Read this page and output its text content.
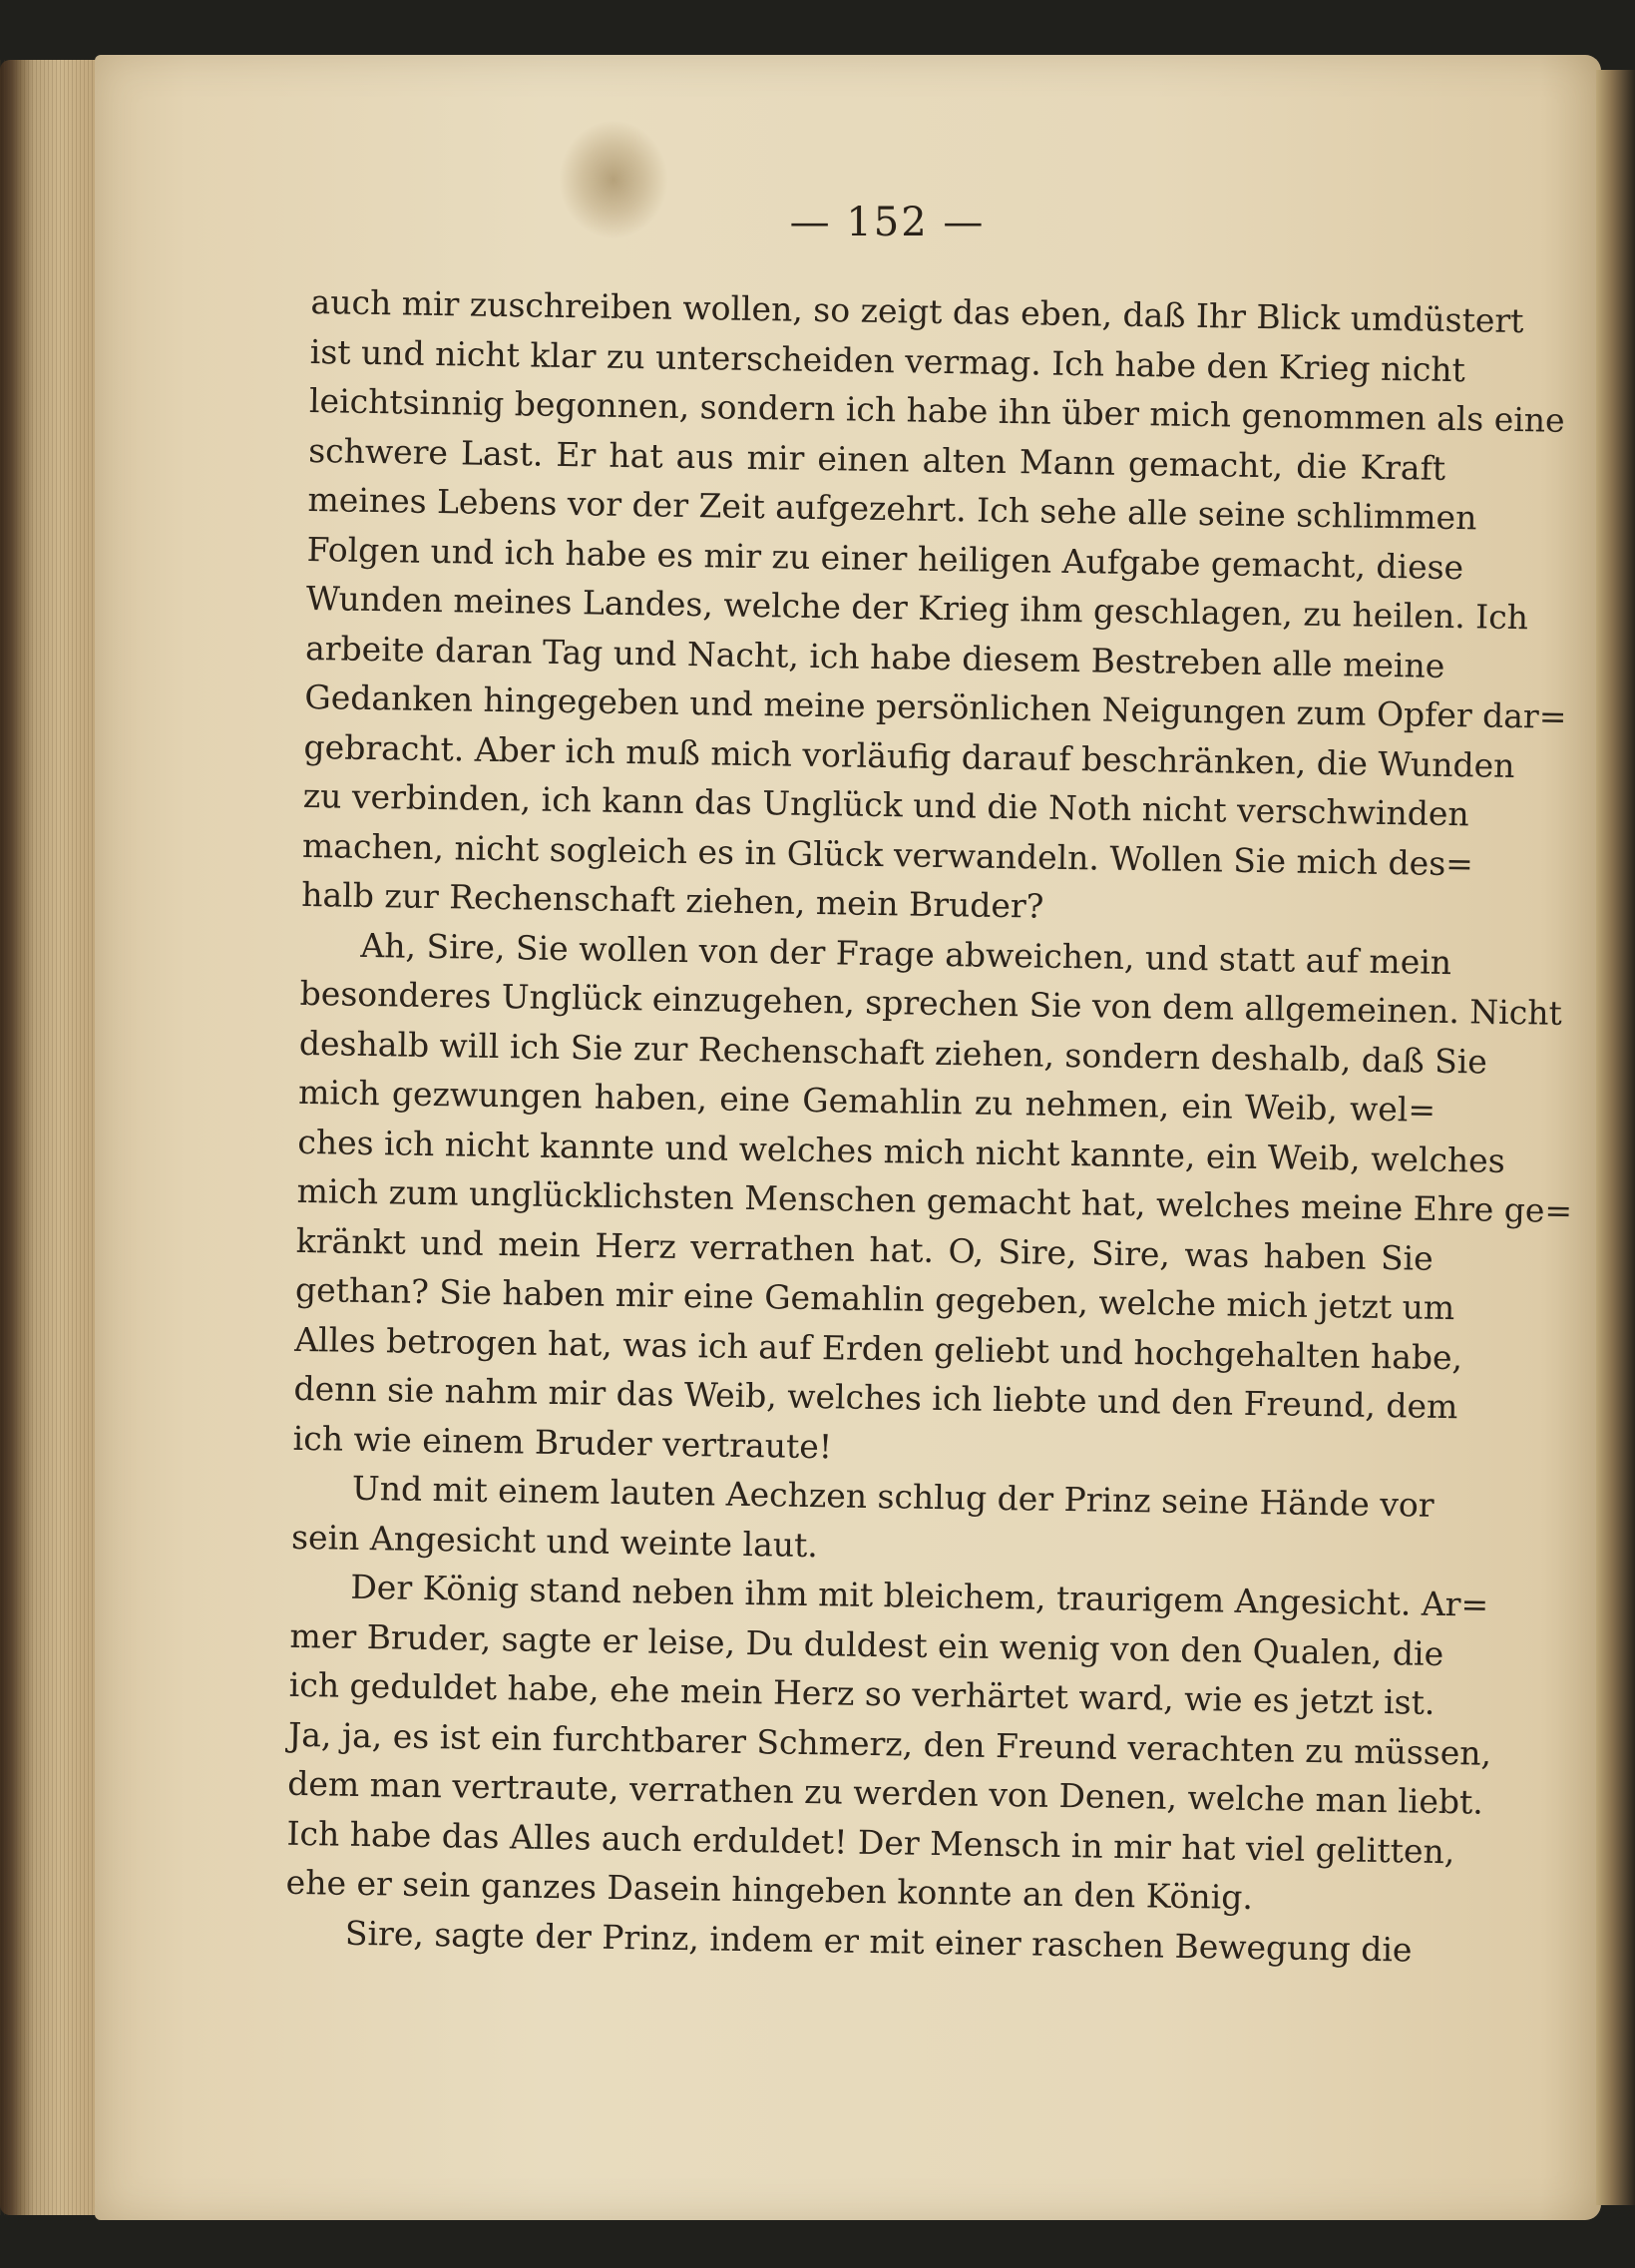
— 152 —

auch mir zuschreiben wollen, so zeigt das eben, daß Ihr Blick umdüstert
ist und nicht klar zu unterscheiden vermag. Ich habe den Krieg nicht
leichtsinnig begonnen, sondern ich habe ihn über mich genommen als eine
schwere Last. Er hat aus mir einen alten Mann gemacht, die Kraft
meines Lebens vor der Zeit aufgezehrt. Ich sehe alle seine schlimmen
Folgen und ich habe es mir zu einer heiligen Aufgabe gemacht, diese
Wunden meines Landes, welche der Krieg ihm geschlagen, zu heilen. Ich
arbeite daran Tag und Nacht, ich habe diesem Bestreben alle meine
Gedanken hingegeben und meine persönlichen Neigungen zum Opfer dar=
gebracht. Aber ich muß mich vorläufig darauf beschränken, die Wunden
zu verbinden, ich kann das Unglück und die Noth nicht verschwinden
machen, nicht sogleich es in Glück verwandeln. Wollen Sie mich des=
halb zur Rechenschaft ziehen, mein Bruder?

Ah, Sire, Sie wollen von der Frage abweichen, und statt auf mein
besonderes Unglück einzugehen, sprechen Sie von dem allgemeinen. Nicht
deshalb will ich Sie zur Rechenschaft ziehen, sondern deshalb, daß Sie
mich gezwungen haben, eine Gemahlin zu nehmen, ein Weib, wel=
ches ich nicht kannte und welches mich nicht kannte, ein Weib, welches
mich zum unglücklichsten Menschen gemacht hat, welches meine Ehre ge=
kränkt und mein Herz verrathen hat. O, Sire, Sire, was haben Sie
gethan? Sie haben mir eine Gemahlin gegeben, welche mich jetzt um
Alles betrogen hat, was ich auf Erden geliebt und hochgehalten habe,
denn sie nahm mir das Weib, welches ich liebte und den Freund, dem
ich wie einem Bruder vertraute!

Und mit einem lauten Aechzen schlug der Prinz seine Hände vor
sein Angesicht und weinte laut.

Der König stand neben ihm mit bleichem, traurigem Angesicht. Ar=
mer Bruder, sagte er leise, Du duldest ein wenig von den Qualen, die
ich geduldet habe, ehe mein Herz so verhärtet ward, wie es jetzt ist.
Ja, ja, es ist ein furchtbarer Schmerz, den Freund verachten zu müssen,
dem man vertraute, verrathen zu werden von Denen, welche man liebt.
Ich habe das Alles auch erduldet! Der Mensch in mir hat viel gelitten,
ehe er sein ganzes Dasein hingeben konnte an den König.

Sire, sagte der Prinz, indem er mit einer raschen Bewegung die
